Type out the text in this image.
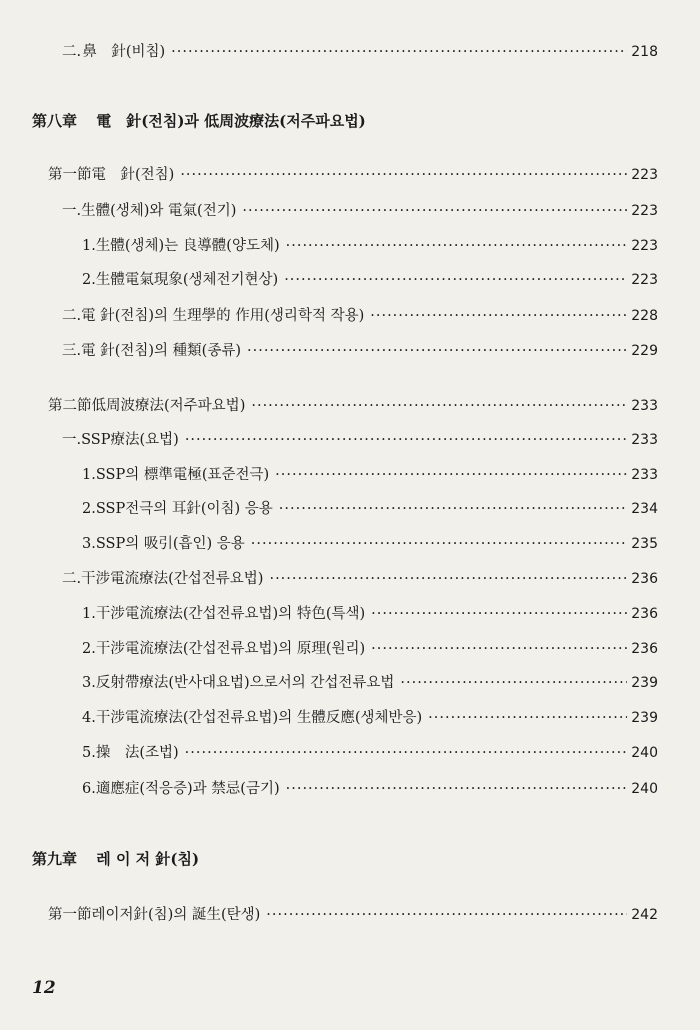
二. 鼻　針(비침) ·····	218
第八章 電　針(전침)과 低周波療法(저주파요법)
第一節 電　針(전침) ·····	223
一. 生體(생체)와 電氣(전기) ·····	223
1. 生體(생체)는 良導體(양도체) ·····	223
2. 生體電氣現象(생체전기현상) ·····	223
二. 電 針(전침)의 生理學的 作用(생리학적 작용) ·····	228
三. 電 針(전침)의 種類(종류) ·····	229
第二節 低周波療法(저주파요법) ·····	233
一. SSP療法(요법) ·····	233
1. SSP의 標準電極(표준전극) ·····	233
2. SSP전극의 耳針(이침) 응용 ·····	234
3. SSP의 吸引(흡인) 응용 ·····	235
二. 干涉電流療法(간섭전류요법) ·····	236
1. 干涉電流療法(간섭전류요법)의 特色(특색) ·····	236
2. 干涉電流療法(간섭전류요법)의 原理(원리) ·····	236
3. 反射帶療法(반사대요법)으로서의 간섭전류요법 ·····	239
4. 干涉電流療法(간섭전류요법)의 生體反應(생체반응) ·····	239
5. 操　法(조법) ·····	240
6. 適應症(적응증)과 禁忌(금기) ·····	240
第九章 레 이 저 針(침)
第一節 레이저針(침)의 誕生(탄생) ·····	242
12
